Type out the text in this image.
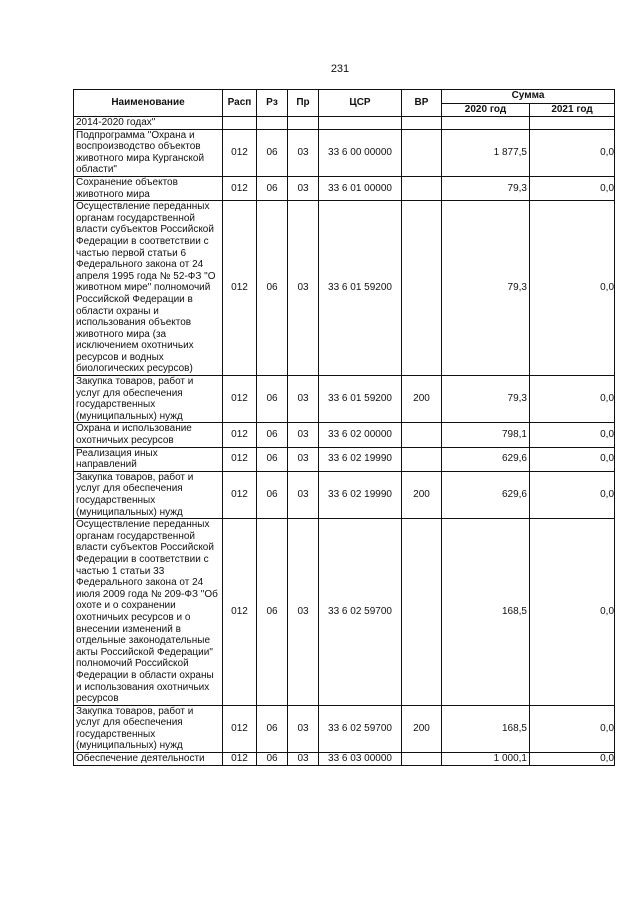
231
Наименование	Расп	Рз	Пр	ЦСР	ВР	Сумма	
						2020 год	2021 год
2014-2020 годах"							
Подпрограмма "Охрана и воспроизводство объектов животного мира Курганской области"	012	06	03	33 6 00 00000		1 877,5	0,0
Сохранение объектов животного мира	012	06	03	33 6 01 00000		79,3	0,0
Осуществление переданных органам государственной власти субъектов Российской Федерации в соответствии с частью первой статьи 6 Федерального закона от 24 апреля 1995 года № 52-ФЗ "О животном мире" полномочий Российской Федерации в области охраны и использования объектов животного мира (за исключением охотничьих ресурсов и водных биологических ресурсов)	012	06	03	33 6 01 59200		79,3	0,0
Закупка товаров, работ и услуг для обеспечения государственных (муниципальных) нужд	012	06	03	33 6 01 59200	200	79,3	0,0
Охрана и использование охотничьих ресурсов	012	06	03	33 6 02 00000		798,1	0,0
Реализация иных направлений	012	06	03	33 6 02 19990		629,6	0,0
Закупка товаров, работ и услуг для обеспечения государственных (муниципальных) нужд	012	06	03	33 6 02 19990	200	629,6	0,0
Осуществление переданных органам государственной власти субъектов Российской Федерации в соответствии с частью 1 статьи 33 Федерального закона от 24 июля 2009 года № 209-ФЗ "Об охоте и о сохранении охотничьих ресурсов и о внесении изменений в отдельные законодательные акты Российской Федерации" полномочий Российской Федерации в области охраны и использования охотничьих ресурсов	012	06	03	33 6 02 59700		168,5	0,0
Закупка товаров, работ и услуг для обеспечения государственных (муниципальных) нужд	012	06	03	33 6 02 59700	200	168,5	0,0
Обеспечение деятельности	012	06	03	33 6 03 00000		1 000,1	0,0
